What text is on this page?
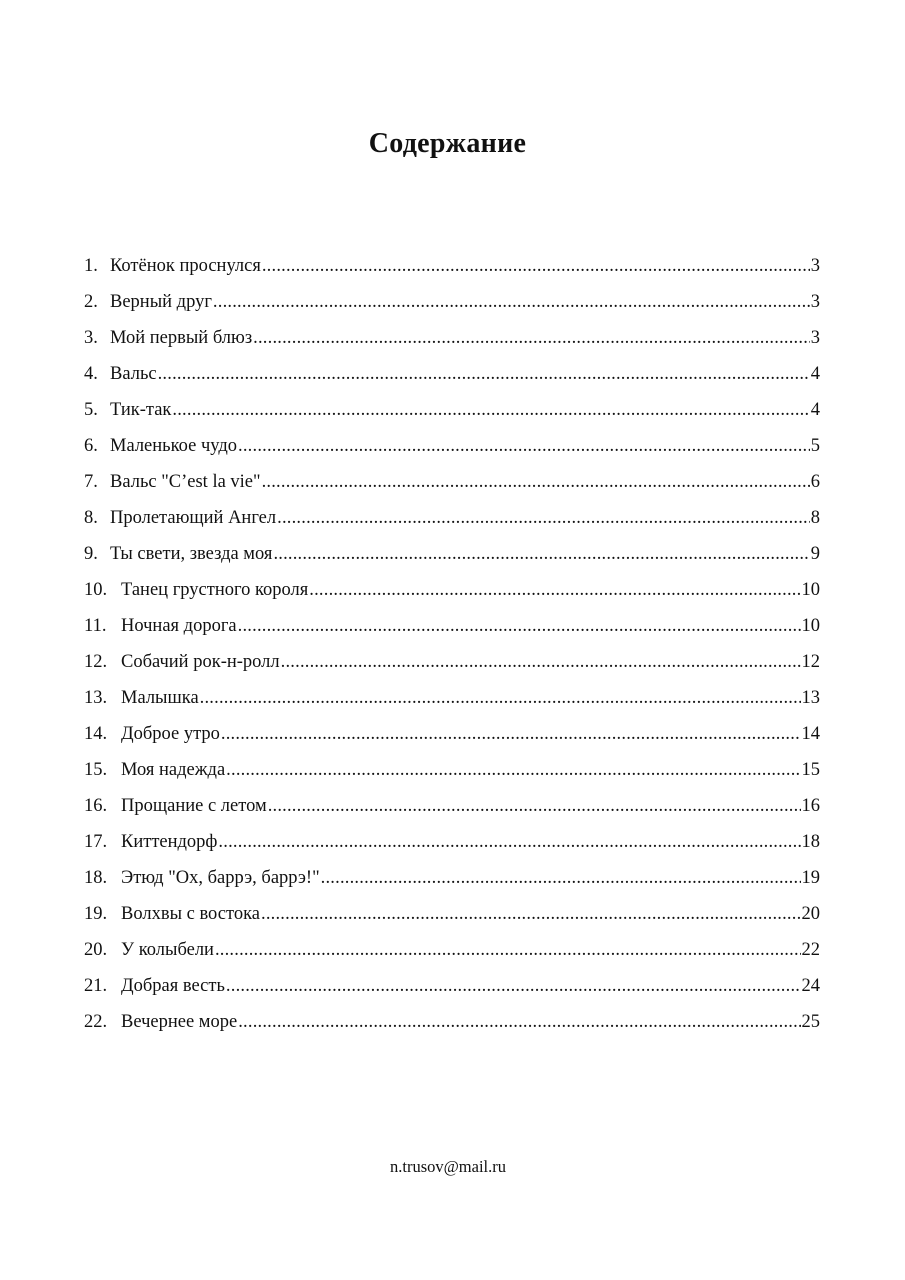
Содержание
1. Котёнок проснулся .....	3
2. Верный друг .....	3
3. Мой первый блюз .....	3
4. Вальс .....	4
5. Тик-так .....	4
6. Маленькое чудо .....	5
7. Вальс "C’est la vie" .....	6
8. Пролетающий Ангел .....	8
9. Ты свети, звезда моя .....	9
10. Танец грустного короля .....	10
11. Ночная дорога .....	10
12. Собачий рок-н-ролл .....	12
13. Малышка .....	13
14. Доброе утро .....	14
15. Моя надежда .....	15
16. Прощание с летом .....	16
17. Киттендорф .....	18
18. Этюд "Ох, баррэ, баррэ!" .....	19
19. Волхвы с востока .....	20
20. У колыбели .....	22
21. Добрая весть .....	24
22. Вечернее море .....	25
n.trusov@mail.ru
